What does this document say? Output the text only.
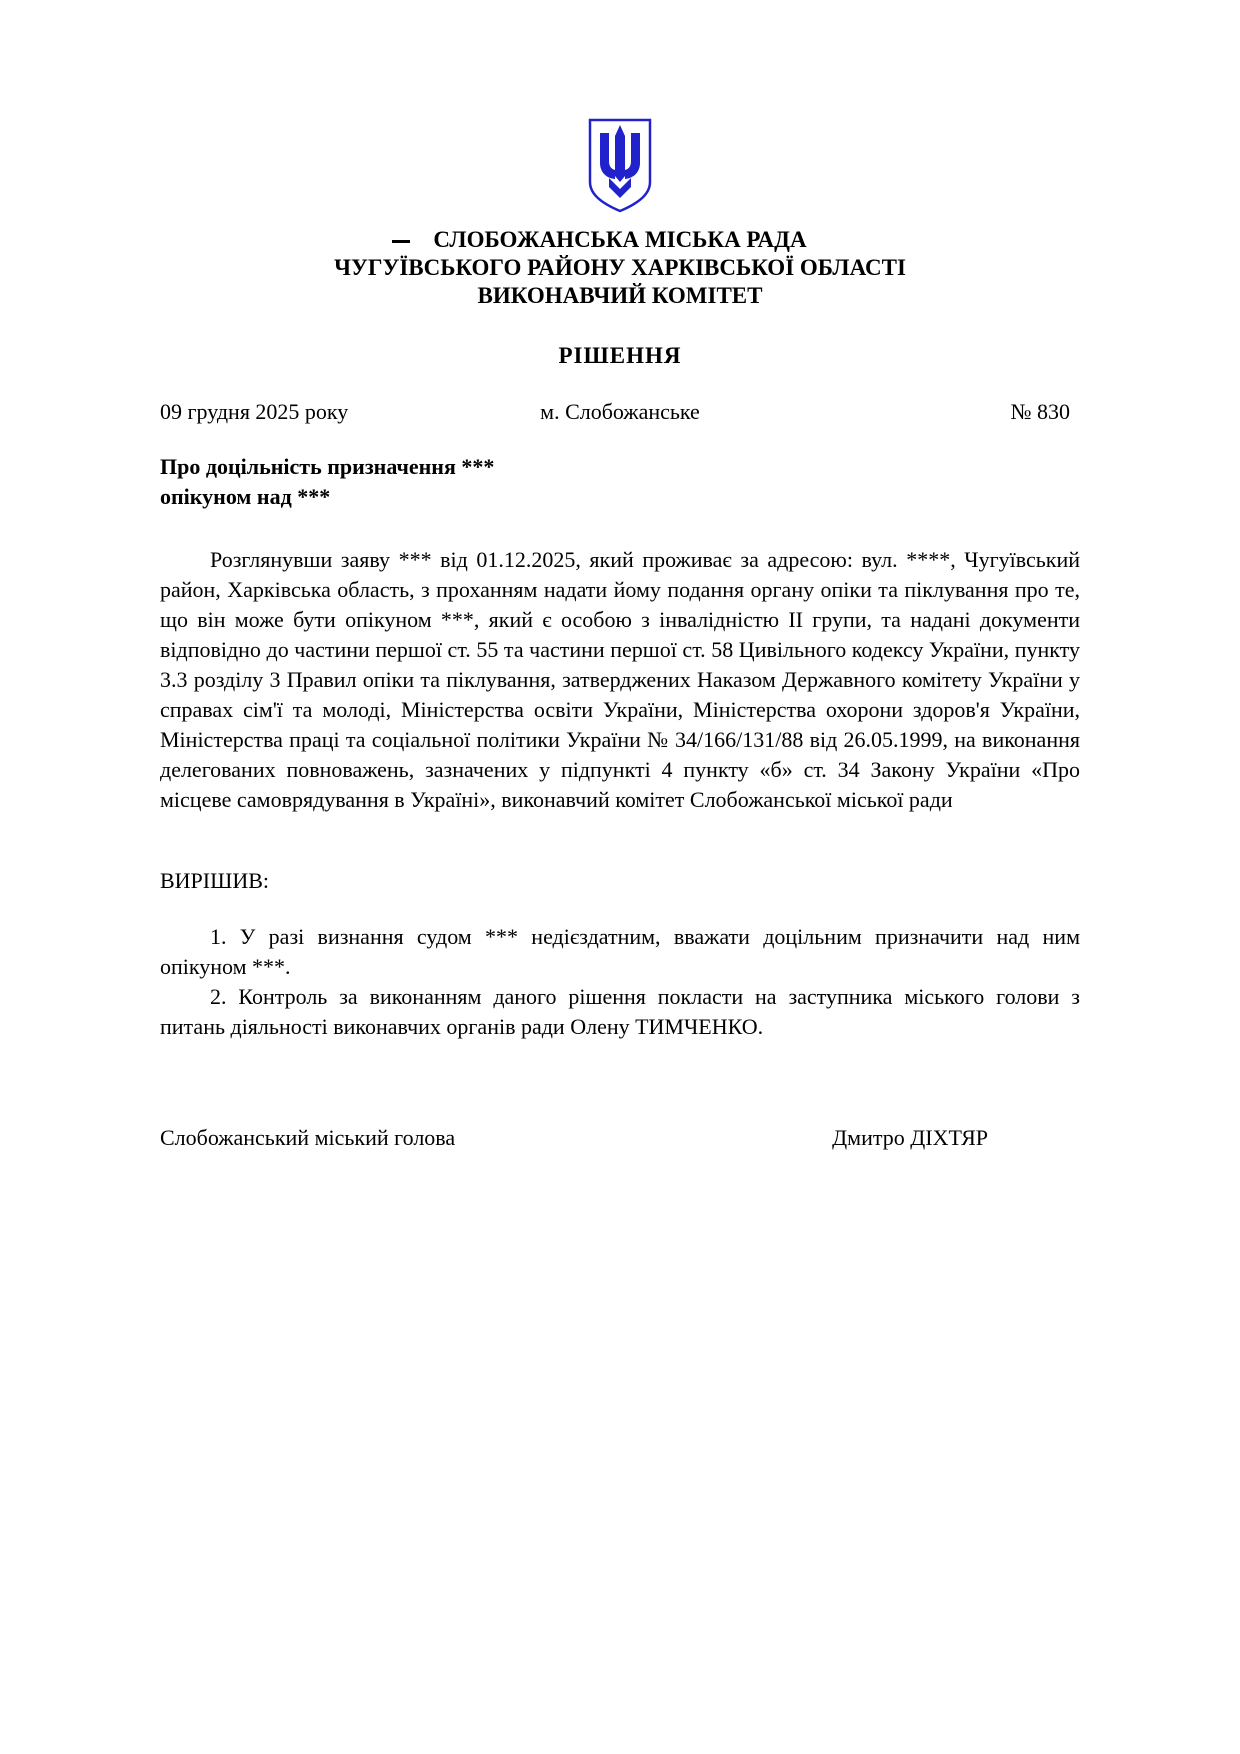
СЛОБОЖАНСЬКА МІСЬКА РАДА
ЧУГУЇВСЬКОГО РАЙОНУ ХАРКІВСЬКОЇ ОБЛАСТІ
ВИКОНАВЧИЙ КОМІТЕТ
РІШЕННЯ
09 грудня 2025 року	м. Слобожанське	№ 830
Про доцільність призначення ***
опікуном над ***

Розглянувши заяву *** від 01.12.2025, який проживає за адресою: вул. ****, Чугуївський район, Харківська область, з проханням надати йому подання органу опіки та піклування про те, що він може бути опікуном ***, який є особою з інвалідністю ІІ групи, та надані документи відповідно до частини першої ст. 55 та частини першої ст. 58 Цивільного кодексу України, пункту 3.3 розділу 3 Правил опіки та піклування, затверджених Наказом Державного комітету України у справах сім'ї та молоді, Міністерства освіти України, Міністерства охорони здоров'я України, Міністерства праці та соціальної політики України № 34/166/131/88 від 26.05.1999, на виконання делегованих повноважень, зазначених у підпункті 4 пункту «б» ст. 34 Закону України «Про місцеве самоврядування в Україні», виконавчий комітет Слобожанської міської ради

ВИРІШИВ:

1. У разі визнання судом *** недієздатним, вважати доцільним призначити над ним опікуном ***.

2. Контроль за виконанням даного рішення покласти на заступника міського голови з питань діяльності виконавчих органів ради Олену ТИМЧЕНКО.

Слобожанський міський голова	Дмитро ДІХТЯР
